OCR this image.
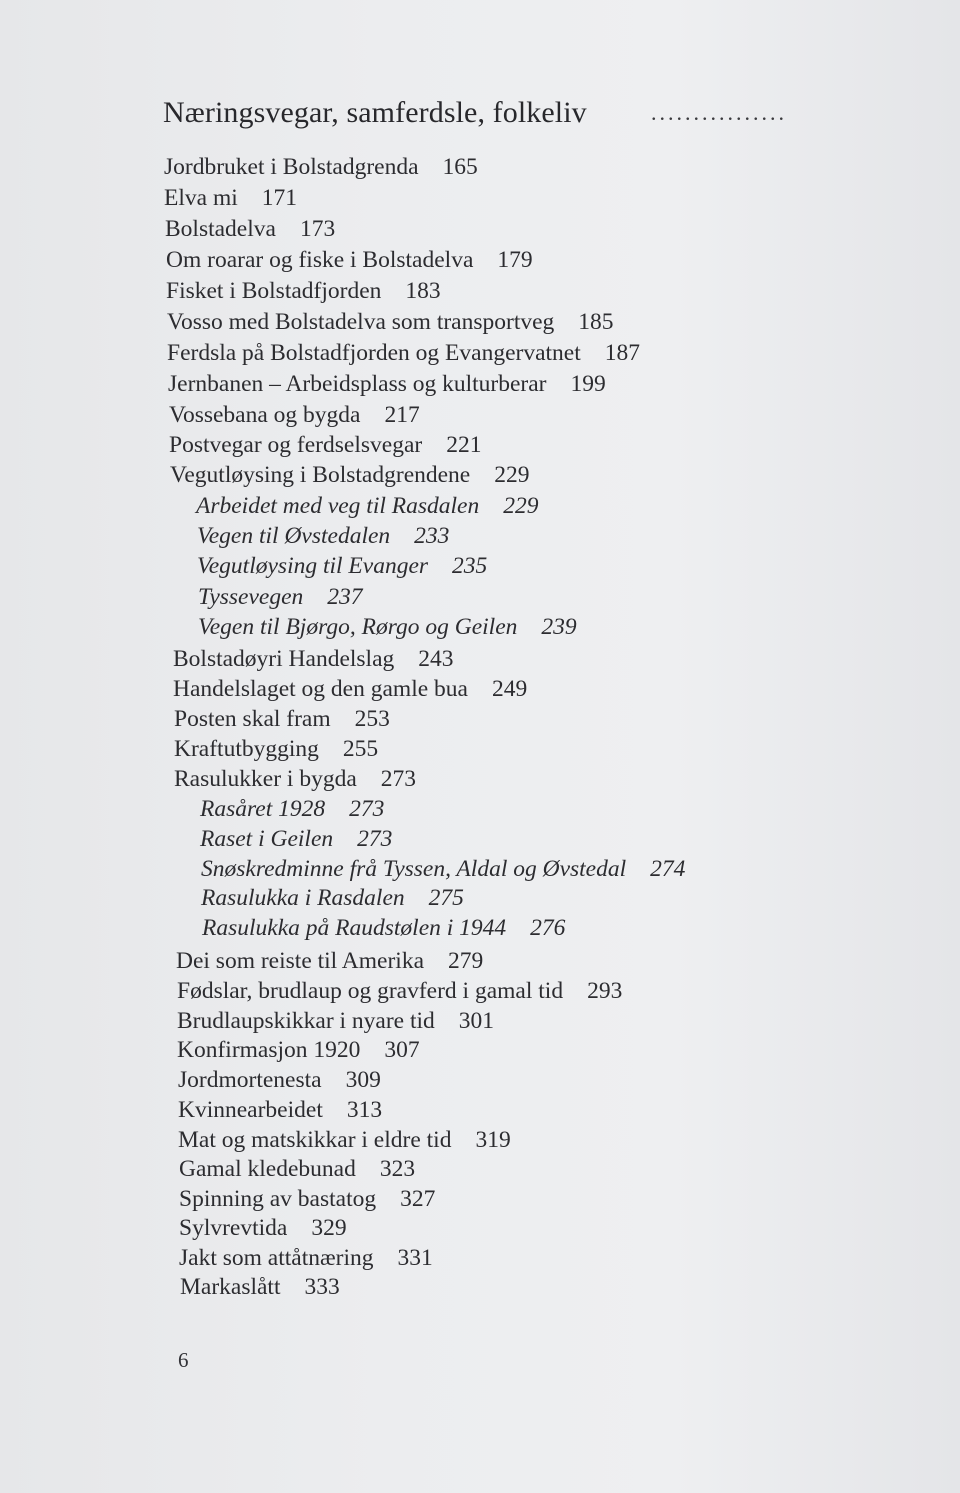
Næringsvegar, samferdsle, folkeliv	................
Jordbruket i Bolstadgrenda 165
Elva mi 171
Bolstadelva 173
Om roarar og fiske i Bolstadelva 179
Fisket i Bolstadfjorden 183
Vosso med Bolstadelva som transportveg 185
Ferdsla på Bolstadfjorden og Evangervatnet 187
Jernbanen – Arbeidsplass og kulturberar 199
Vossebana og bygda 217
Postvegar og ferdselsvegar 221
Vegutløysing i Bolstadgrendene 229
Arbeidet med veg til Rasdalen 229
Vegen til Øvstedalen 233
Vegutløysing til Evanger 235
Tyssevegen 237
Vegen til Bjørgo, Rørgo og Geilen 239
Bolstadøyri Handelslag 243
Handelslaget og den gamle bua 249
Posten skal fram 253
Kraftutbygging 255
Rasulukker i bygda 273
Rasåret 1928 273
Raset i Geilen 273
Snøskredminne frå Tyssen, Aldal og Øvstedal 274
Rasulukka i Rasdalen 275
Rasulukka på Raudstølen i 1944 276
Dei som reiste til Amerika 279
Fødslar, brudlaup og gravferd i gamal tid 293
Brudlaupskikkar i nyare tid 301
Konfirmasjon 1920 307
Jordmortenesta 309
Kvinnearbeidet 313
Mat og matskikkar i eldre tid 319
Gamal kledebunad 323
Spinning av bastatog 327
Sylvrevtida 329
Jakt som attåtnæring 331
Markaslått 333
6
